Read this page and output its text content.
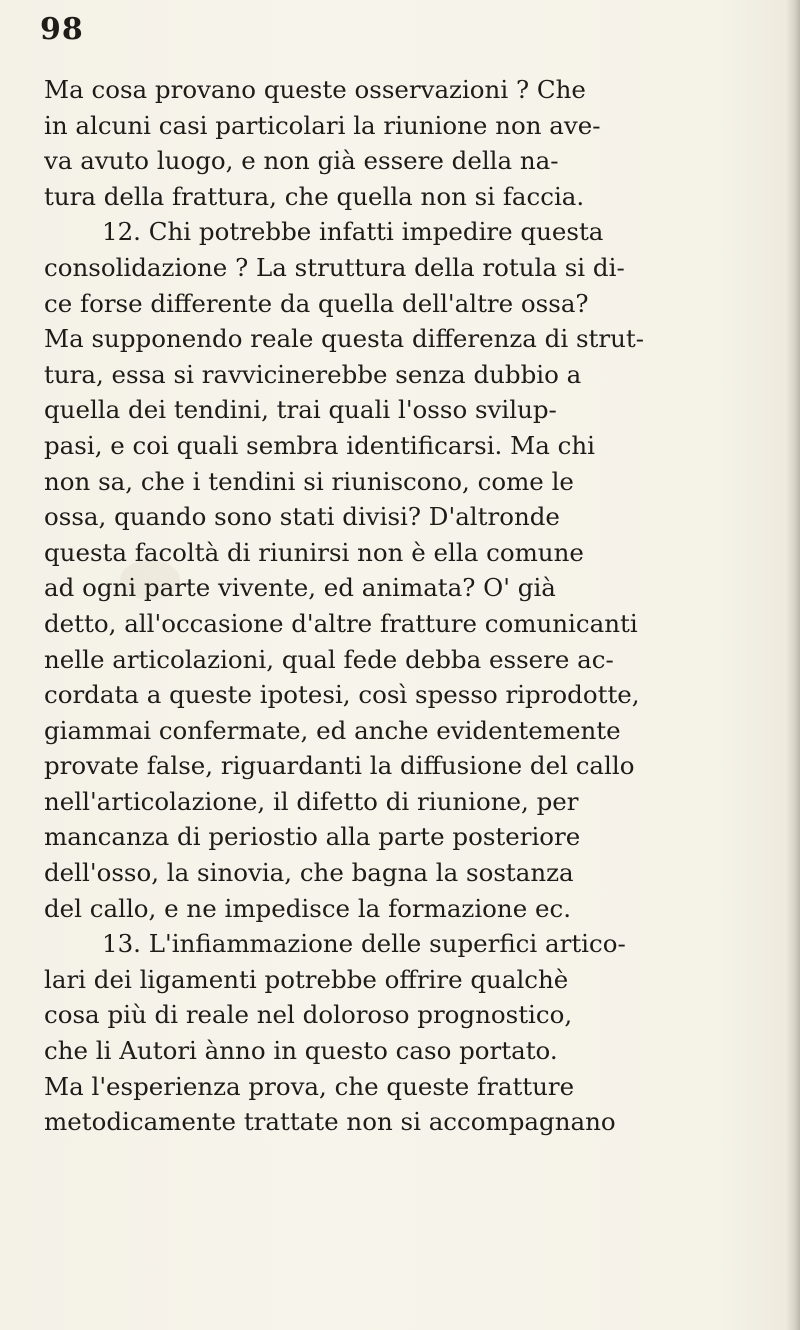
98
Ma cosa provano queste osservazioni ? Che
in alcuni casi particolari la riunione non ave-
va avuto luogo, e non già essere della na-
tura della frattura, che quella non si faccia.
12. Chi potrebbe infatti impedire questa
consolidazione ? La struttura della rotula si di-
ce forse differente da quella dell'altre ossa?
Ma supponendo reale questa differenza di strut-
tura, essa si ravvicinerebbe senza dubbio a
quella dei tendini, trai quali l'osso svilup-
pasi, e coi quali sembra identificarsi. Ma chi
non sa, che i tendini si riuniscono, come le
ossa, quando sono stati divisi? D'altronde
questa facoltà di riunirsi non è ella comune
ad ogni parte vivente, ed animata? O' già
detto, all'occasione d'altre fratture comunicanti
nelle articolazioni, qual fede debba essere ac-
cordata a queste ipotesi, così spesso riprodotte,
giammai confermate, ed anche evidentemente
provate false, riguardanti la diffusione del callo
nell'articolazione, il difetto di riunione, per
mancanza di periostio alla parte posteriore
dell'osso, la sinovia, che bagna la sostanza
del callo, e ne impedisce la formazione ec.
13. L'infiammazione delle superfici artico-
lari dei ligamenti potrebbe offrire qualchè
cosa più di reale nel doloroso prognostico,
che li Autori ànno in questo caso portato.
Ma l'esperienza prova, che queste fratture
metodicamente trattate non si accompagnano
